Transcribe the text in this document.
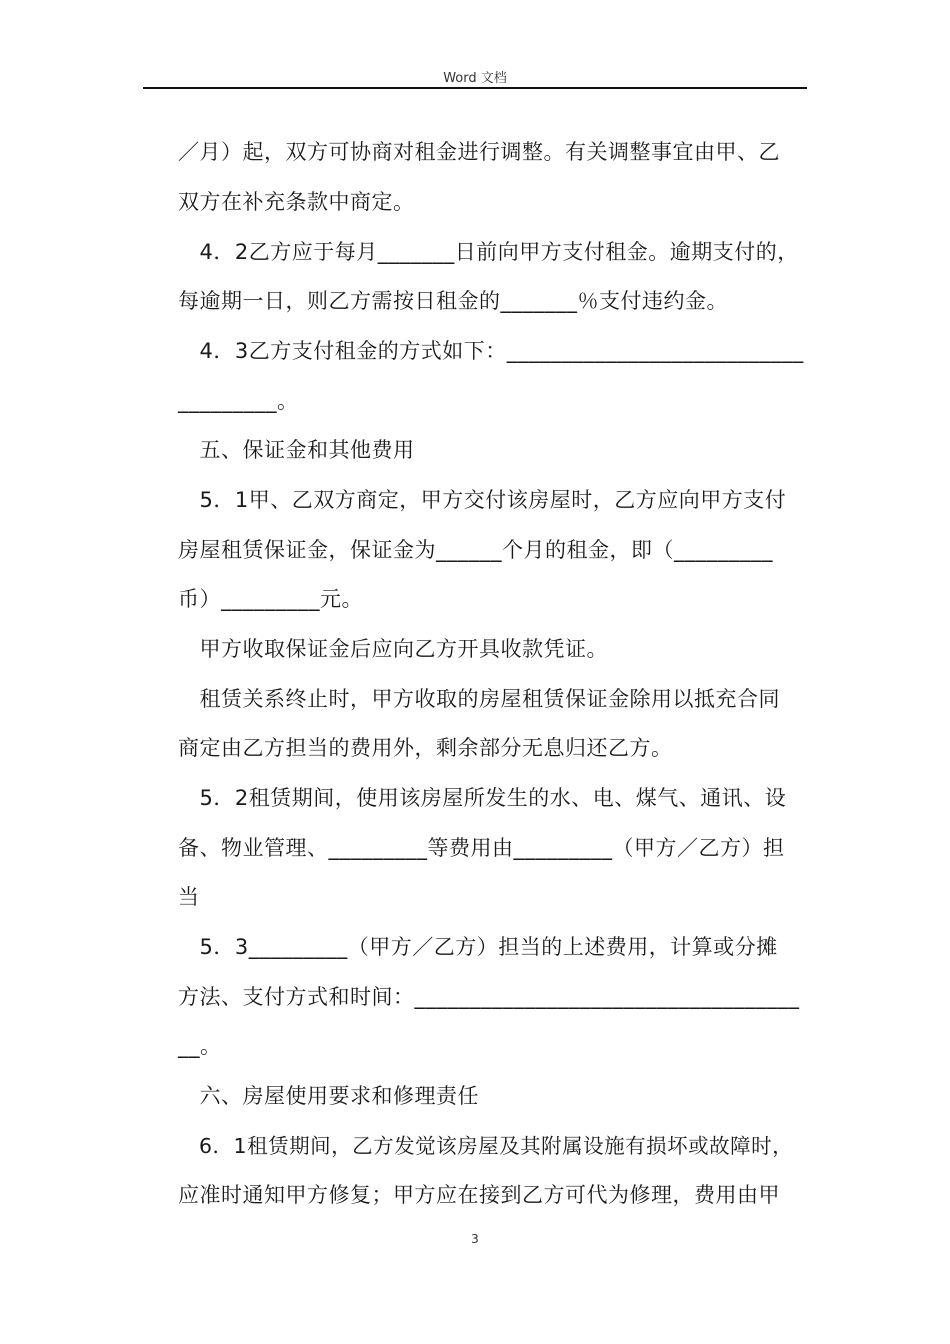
Word 文档
／月）起，双方可协商对租金进行调整。有关调整事宜由甲、乙
双方在补充条款中商定。
　4．2乙方应于每月_______日前向甲方支付租金。逾期支付的，
每逾期一日，则乙方需按日租金的_______％支付违约金。
　4．3乙方支付租金的方式如下：___________________________
_________。
　五、保证金和其他费用
　5．1甲、乙双方商定，甲方交付该房屋时，乙方应向甲方支付
房屋租赁保证金，保证金为______个月的租金，即（_________
币）_________元。
　甲方收取保证金后应向乙方开具收款凭证。
　租赁关系终止时，甲方收取的房屋租赁保证金除用以抵充合同
商定由乙方担当的费用外，剩余部分无息归还乙方。
　5．2租赁期间，使用该房屋所发生的水、电、煤气、通讯、设
备、物业管理、_________等费用由_________（甲方／乙方）担
当
　5．3_________（甲方／乙方）担当的上述费用，计算或分摊
方法、支付方式和时间：___________________________________
__。
　六、房屋使用要求和修理责任
　6．1租赁期间，乙方发觉该房屋及其附属设施有损坏或故障时，
应准时通知甲方修复；甲方应在接到乙方可代为修理，费用由甲
3
